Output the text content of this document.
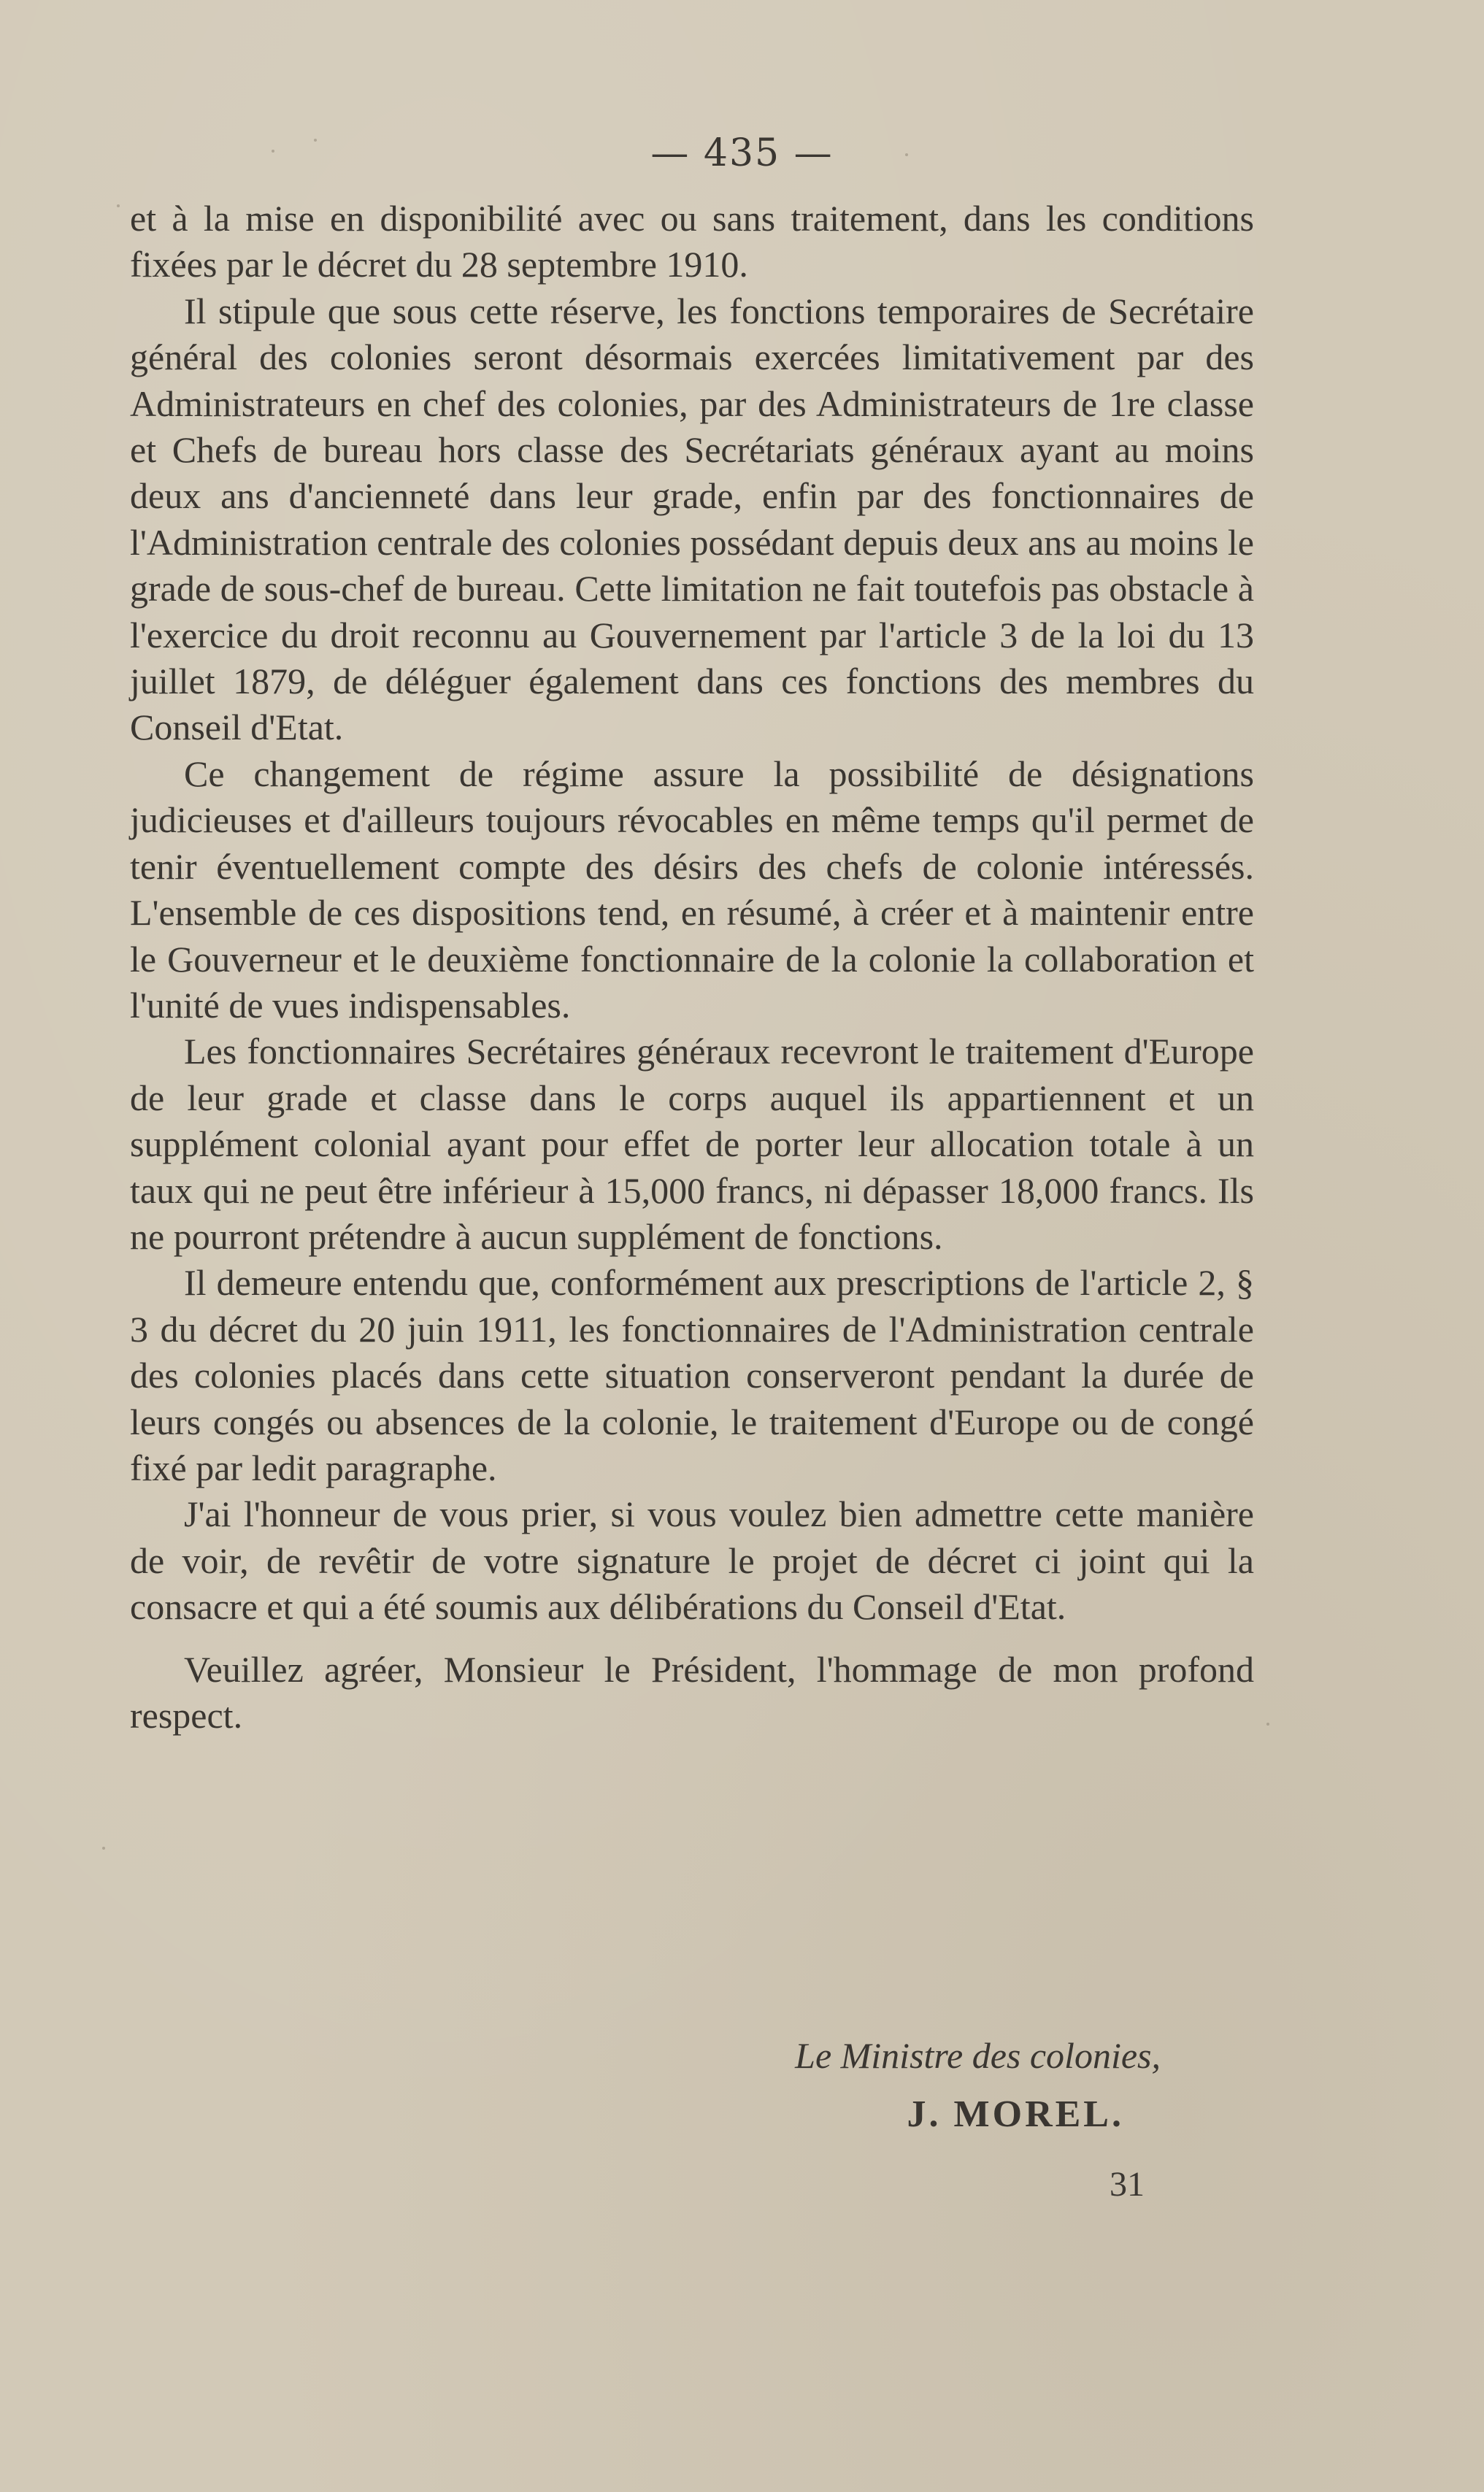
— 435 —

et à la mise en disponibilité avec ou sans traitement, dans les conditions fixées par le décret du 28 septembre 1910.

Il stipule que sous cette réserve, les fonctions temporaires de Secrétaire général des colonies seront désormais exercées limitativement par des Administrateurs en chef des colonies, par des Administrateurs de 1re classe et Chefs de bureau hors classe des Secrétariats généraux ayant au moins deux ans d'ancienneté dans leur grade, enfin par des fonctionnaires de l'Administration centrale des colonies possédant depuis deux ans au moins le grade de sous-chef de bureau. Cette limitation ne fait toutefois pas obstacle à l'exercice du droit reconnu au Gouvernement par l'article 3 de la loi du 13 juillet 1879, de déléguer également dans ces fonctions des membres du Conseil d'Etat.

Ce changement de régime assure la possibilité de désignations judicieuses et d'ailleurs toujours révocables en même temps qu'il permet de tenir éventuellement compte des désirs des chefs de colonie intéressés. L'ensemble de ces dispositions tend, en résumé, à créer et à maintenir entre le Gouverneur et le deuxième fonctionnaire de la colonie la collaboration et l'unité de vues indispensables.

Les fonctionnaires Secrétaires généraux recevront le traitement d'Europe de leur grade et classe dans le corps auquel ils appartiennent et un supplément colonial ayant pour effet de porter leur allocation totale à un taux qui ne peut être inférieur à 15,000 francs, ni dépasser 18,000 francs. Ils ne pourront prétendre à aucun supplément de fonctions.

Il demeure entendu que, conformément aux prescriptions de l'article 2, § 3 du décret du 20 juin 1911, les fonctionnaires de l'Administration centrale des colonies placés dans cette situation conserveront pendant la durée de leurs congés ou absences de la colonie, le traitement d'Europe ou de congé fixé par ledit paragraphe.

J'ai l'honneur de vous prier, si vous voulez bien admettre cette manière de voir, de revêtir de votre signature le projet de décret ci joint qui la consacre et qui a été soumis aux délibérations du Conseil d'Etat.

Veuillez agréer, Monsieur le Président, l'hommage de mon profond respect.

Le Ministre des colonies,
J. MOREL.
31
